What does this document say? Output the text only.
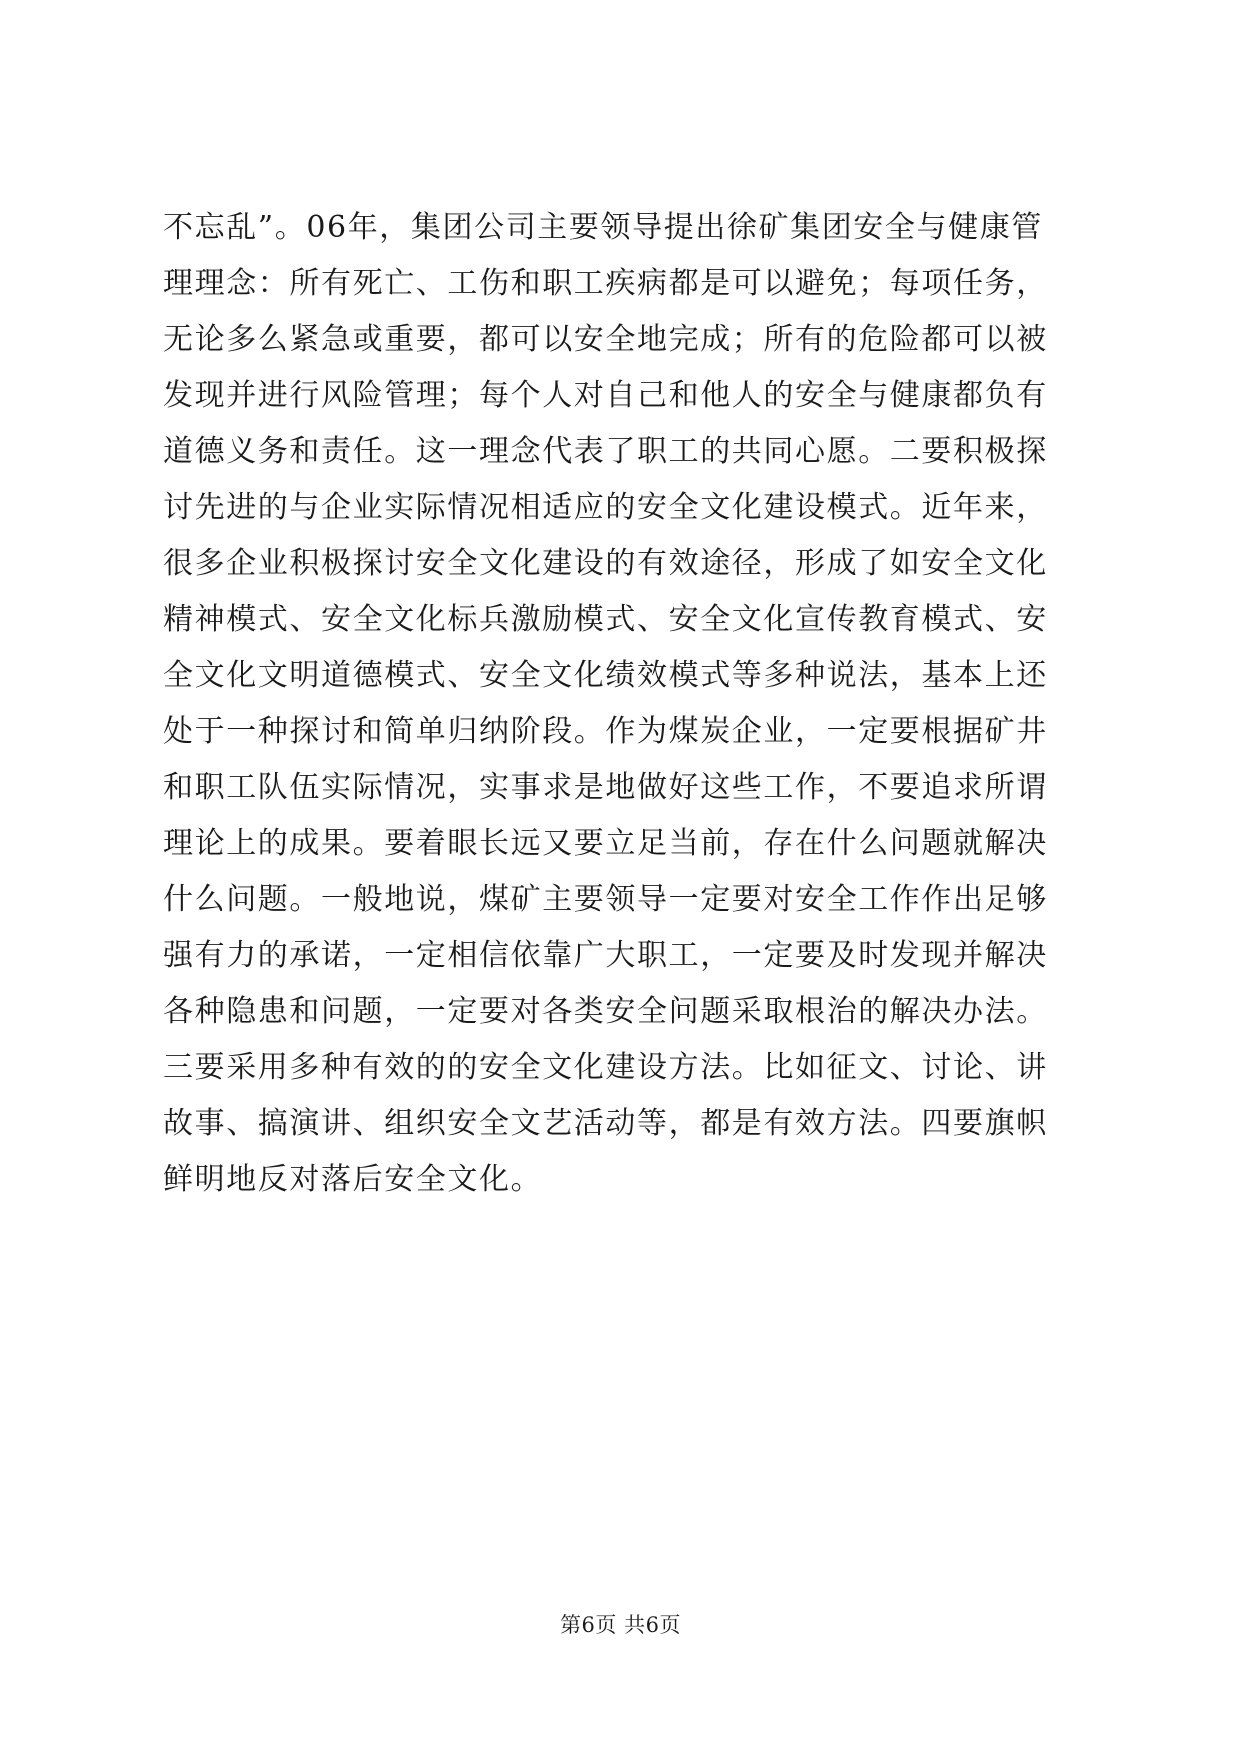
不忘乱”。06年，集团公司主要领导提出徐矿集团安全与健康管
理理念：所有死亡、工伤和职工疾病都是可以避免；每项任务，
无论多么紧急或重要，都可以安全地完成；所有的危险都可以被
发现并进行风险管理；每个人对自己和他人的安全与健康都负有
道德义务和责任。这一理念代表了职工的共同心愿。二要积极探
讨先进的与企业实际情况相适应的安全文化建设模式。近年来，
很多企业积极探讨安全文化建设的有效途径，形成了如安全文化
精神模式、安全文化标兵激励模式、安全文化宣传教育模式、安
全文化文明道德模式、安全文化绩效模式等多种说法，基本上还
处于一种探讨和简单归纳阶段。作为煤炭企业，一定要根据矿井
和职工队伍实际情况，实事求是地做好这些工作，不要追求所谓
理论上的成果。要着眼长远又要立足当前，存在什么问题就解决
什么问题。一般地说，煤矿主要领导一定要对安全工作作出足够
强有力的承诺，一定相信依靠广大职工，一定要及时发现并解决
各种隐患和问题，一定要对各类安全问题采取根治的解决办法。
三要采用多种有效的的安全文化建设方法。比如征文、讨论、讲
故事、搞演讲、组织安全文艺活动等，都是有效方法。四要旗帜
鲜明地反对落后安全文化。
第6页 共6页
